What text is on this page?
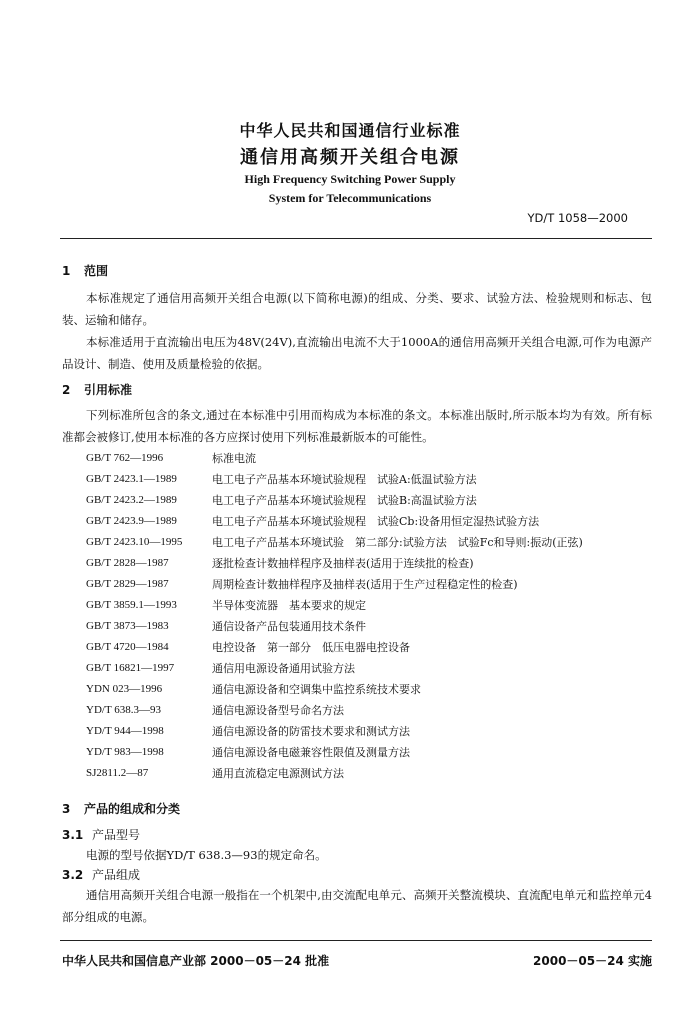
中华人民共和国通信行业标准
通信用高频开关组合电源
High Frequency Switching Power Supply
System for Telecommunications
YD/T 1058—2000
1 范围
本标准规定了通信用高频开关组合电源(以下简称电源)的组成、分类、要求、试验方法、检验规则和标志、包装、运输和储存。
本标准适用于直流输出电压为48V(24V),直流输出电流不大于1000A的通信用高频开关组合电源,可作为电源产品设计、制造、使用及质量检验的依据。
2 引用标准
下列标准所包含的条文,通过在本标准中引用而构成为本标准的条文。本标准出版时,所示版本均为有效。所有标准都会被修订,使用本标准的各方应探讨使用下列标准最新版本的可能性。
GB/T 762—1996	标准电流
GB/T 2423.1—1989	电工电子产品基本环境试验规程　试验A:低温试验方法
GB/T 2423.2—1989	电工电子产品基本环境试验规程　试验B:高温试验方法
GB/T 2423.9—1989	电工电子产品基本环境试验规程　试验Cb:设备用恒定湿热试验方法
GB/T 2423.10—1995	电工电子产品基本环境试验　第二部分:试验方法　试验Fc和导则:振动(正弦)
GB/T 2828—1987	逐批检查计数抽样程序及抽样表(适用于连续批的检查)
GB/T 2829—1987	周期检查计数抽样程序及抽样表(适用于生产过程稳定性的检查)
GB/T 3859.1—1993	半导体变流器　基本要求的规定
GB/T 3873—1983	通信设备产品包装通用技术条件
GB/T 4720—1984	电控设备　第一部分　低压电器电控设备
GB/T 16821—1997	通信用电源设备通用试验方法
YDN 023—1996	通信电源设备和空调集中监控系统技术要求
YD/T 638.3—93	通信电源设备型号命名方法
YD/T 944—1998	通信电源设备的防雷技术要求和测试方法
YD/T 983—1998	通信电源设备电磁兼容性限值及测量方法
SJ2811.2—87	通用直流稳定电源测试方法
3 产品的组成和分类
3.1 产品型号
电源的型号依据YD/T 638.3—93的规定命名。
3.2 产品组成
通信用高频开关组合电源一般指在一个机架中,由交流配电单元、高频开关整流模块、直流配电单元和监控单元4部分组成的电源。
中华人民共和国信息产业部 2000－05－24 批准	2000－05－24 实施
